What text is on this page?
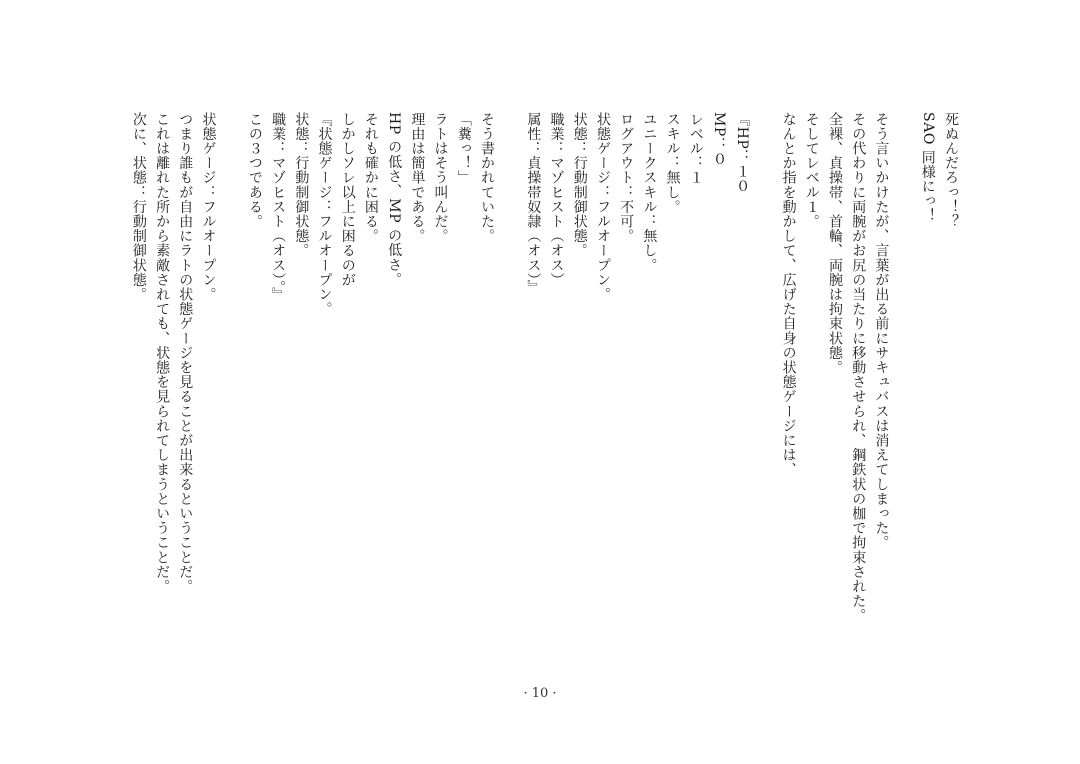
死ぬんだろっ！？
SAO 同様にっ！
そう言いかけたが、言葉が出る前にサキュバスは消えてしまった。
その代わりに両腕がお尻の当たりに移動させられ、鋼鉄状の枷で拘束された。
全裸、貞操帯、首輪、両腕は拘束状態。
そしてレベル１。
なんとか指を動かして、広げた自身の状態ゲージには、
『HP：１０
MP：０
レベル：１
スキル：無し。
ユニークスキル：無し。
ログアウト：不可。
状態ゲージ：フルオープン。
状態：行動制御状態。
職業：マゾヒスト（オス）
属性：貞操帯奴隷（オス）』
そう書かれていた。
「糞っ！」
ラトはそう叫んだ。
理由は簡単である。
HP の低さ、MP の低さ。
それも確かに困る。
しかしソレ以上に困るのが
『状態ゲージ：フルオープン。
状態：行動制御状態。
職業：マゾヒスト（オス）。』
この３つである。
状態ゲージ：フルオープン。
つまり誰もが自由にラトの状態ゲージを見ることが出来るということだ。
これは離れた所から素敵されても、状態を見られてしまうということだ。
次に、状態：行動制御状態。
· 10 ·
